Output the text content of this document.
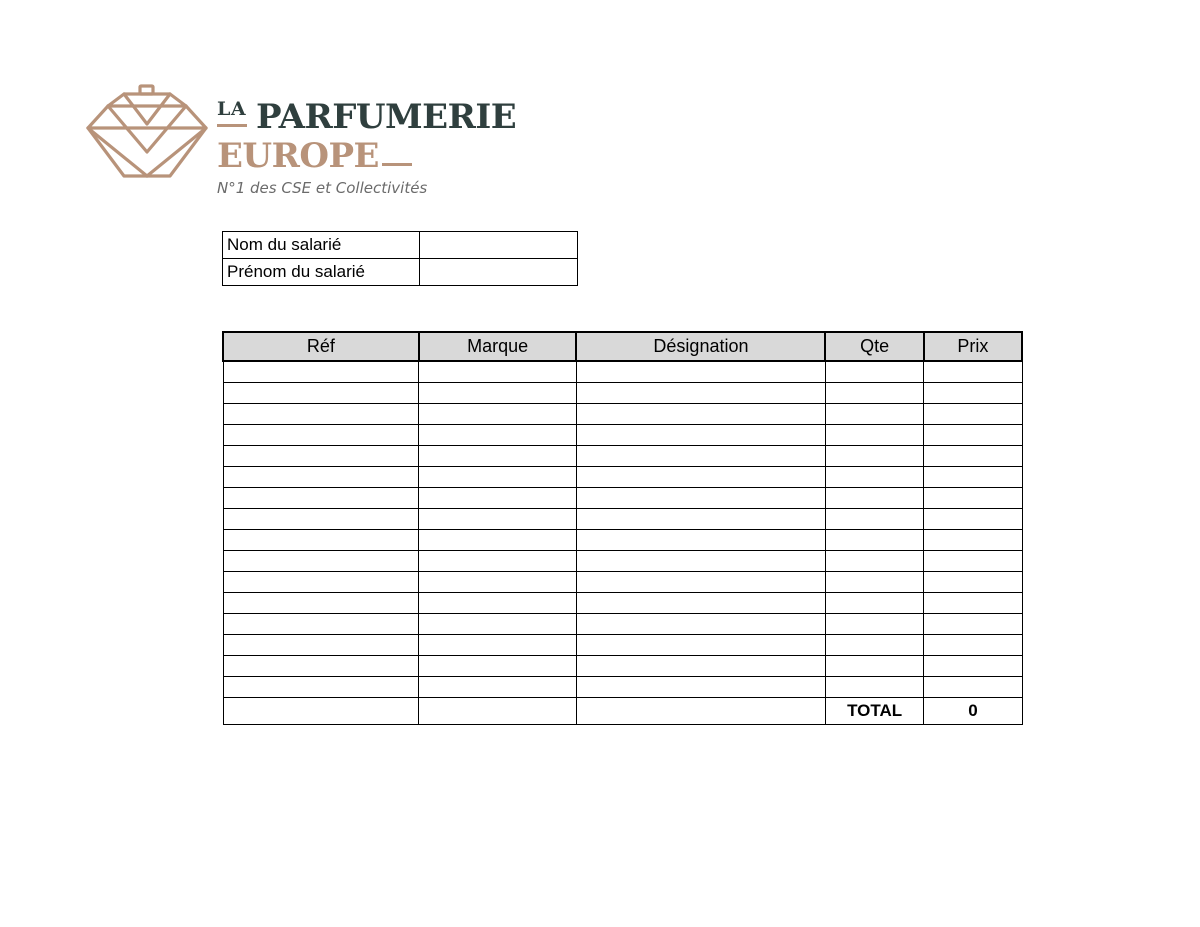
LA PARFUMERIE
EUROPE
N°1 des CSE et Collectivités
Nom du salarié	
Prénom du salarié	
Réf	Marque	Désignation	Qte	Prix

			TOTAL	0
